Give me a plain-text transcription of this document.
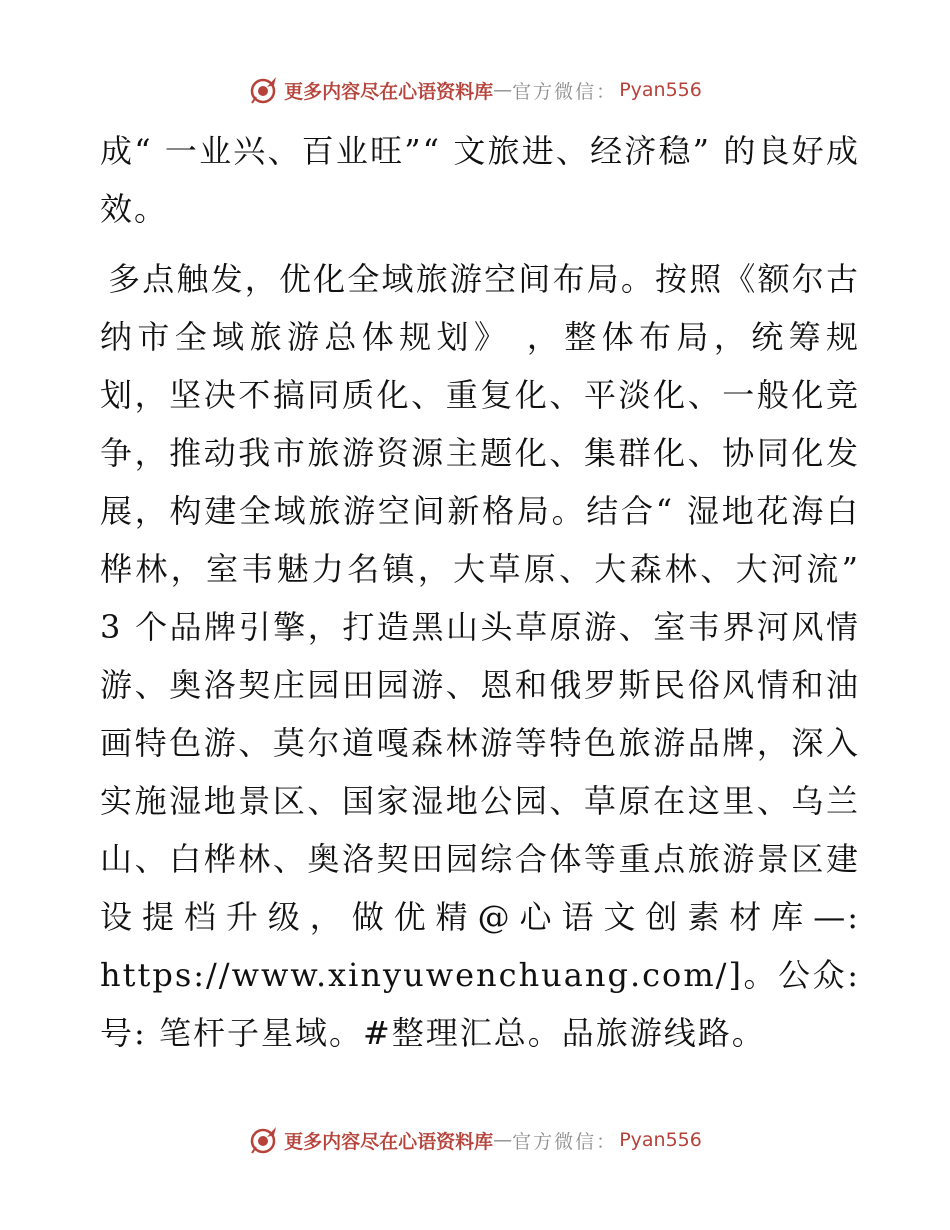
更多内容尽在心语资料库 — 官方微信： Pyan556

成“ 一业兴、百业旺”“ 文旅进、经济稳” 的良好成效。

多点触发，优化全域旅游空间布局。按照《额尔古纳市全域旅游总体规划》 ，整体布局，统筹规划，坚决不搞同质化、重复化、平淡化、一般化竞争，推动我市旅游资源主题化、集群化、协同化发展，构建全域旅游空间新格局。结合“ 湿地花海白桦林，室韦魅力名镇，大草原、大森林、大河流” 3 个品牌引擎，打造黑山头草原游、室韦界河风情游、奥洛契庄园田园游、恩和俄罗斯民俗风情和油画特色游、莫尔道嘎森林游等特色旅游品牌，深入实施湿地景区、国家湿地公园、草原在这里、乌兰山、白桦林、奥洛契田园综合体等重点旅游景区建设提档升级，做优精@心语文创素材库—: https://www.xinyuwenchuang.com/]。公众:号: 笔杆子星域。#整理汇总。品旅游线路。

更多内容尽在心语资料库 — 官方微信： Pyan556
